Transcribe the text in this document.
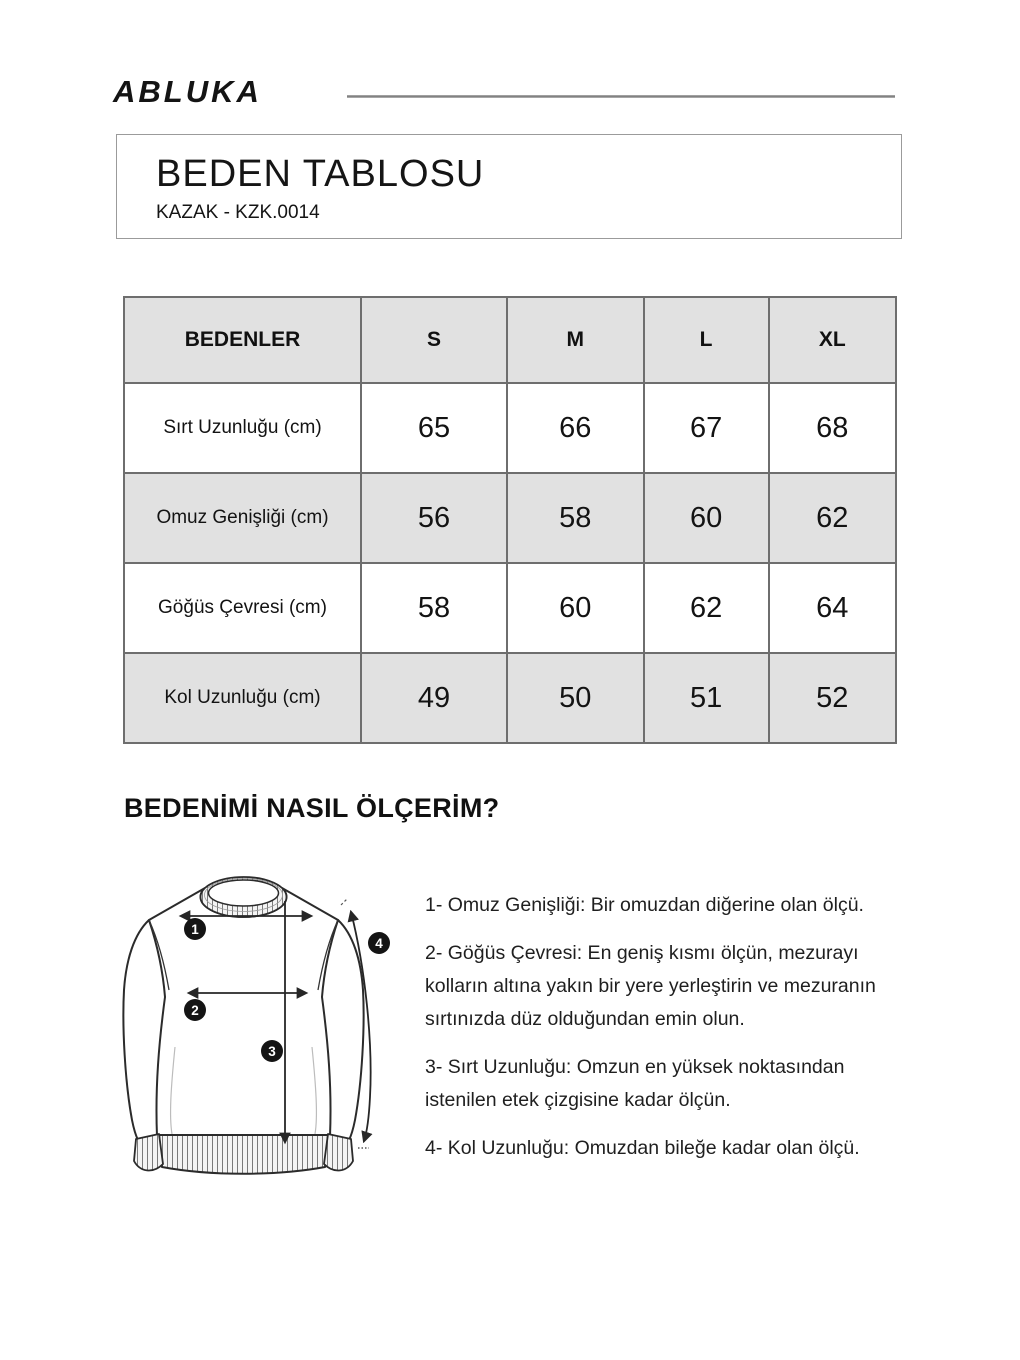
ABLUKA
BEDEN TABLOSU
KAZAK - KZK.0014
BEDENLER	S	M	L	XL
Sırt Uzunluğu (cm)	65	66	67	68
Omuz Genişliği (cm)	56	58	60	62
Göğüs Çevresi (cm)	58	60	62	64
Kol Uzunluğu (cm)	49	50	51	52
BEDENİMİ NASIL ÖLÇERİM?
1
2
3
4

1- Omuz Genişliği: Bir omuzdan diğerine olan ölçü.

2- Göğüs Çevresi: En geniş kısmı ölçün, mezurayı kolların altına yakın bir yere yerleştirin ve mezuranın sırtınızda düz olduğundan emin olun.

3- Sırt Uzunluğu: Omzun en yüksek noktasından istenilen etek çizgisine kadar ölçün.

4- Kol Uzunluğu: Omuzdan bileğe kadar olan ölçü.
